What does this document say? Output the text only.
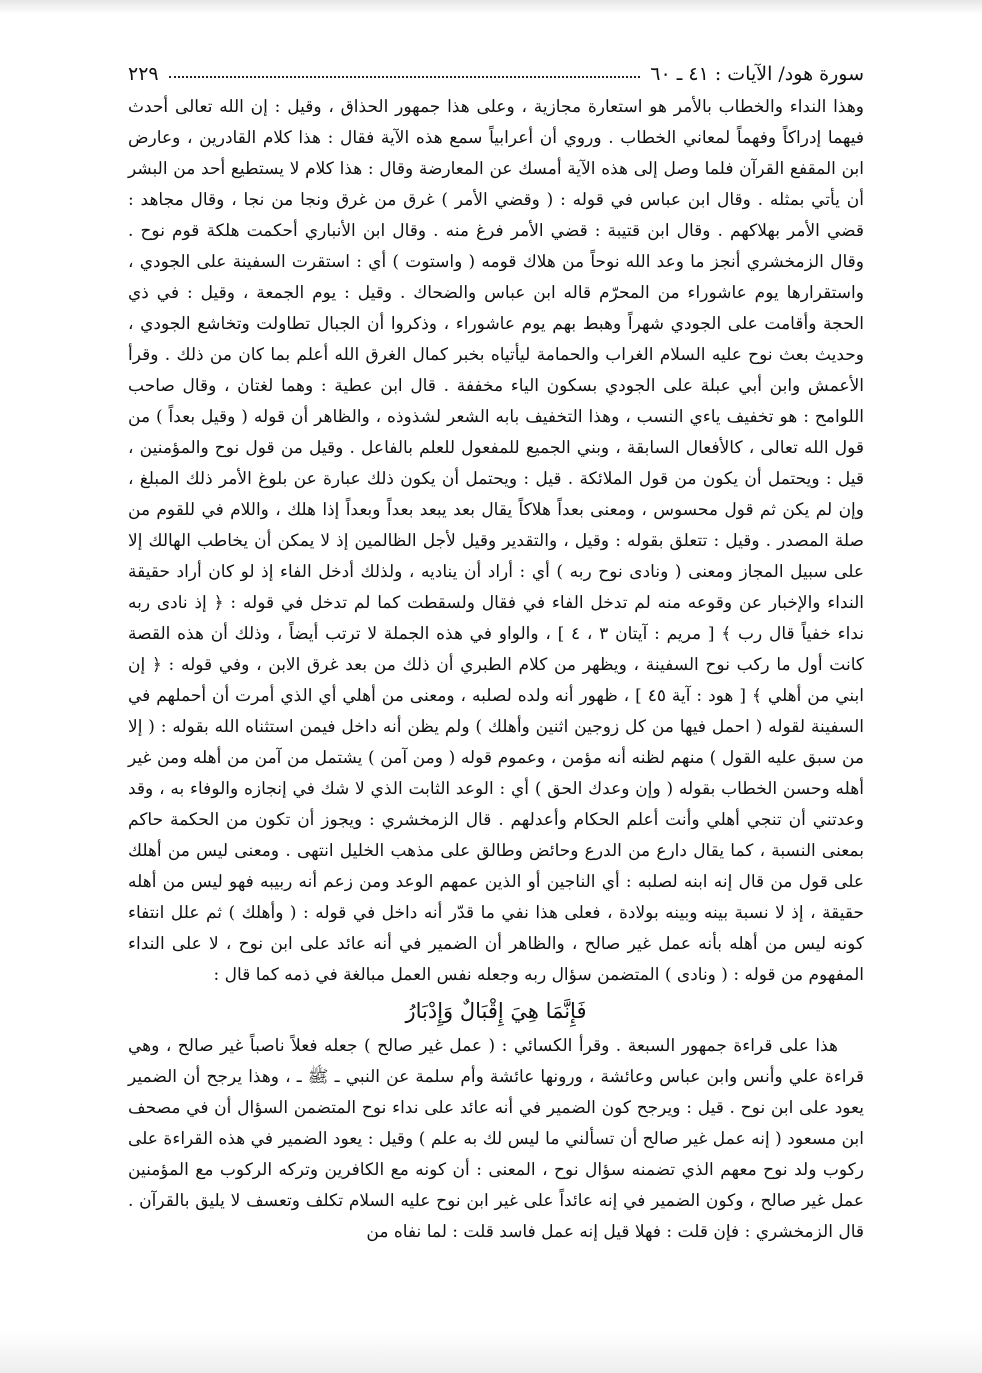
سورة هود/ الآيات : ٤١ ـ ٦٠
٢٢٩

وهذا النداء والخطاب بالأمر هو استعارة مجازية ، وعلى هذا جمهور الحذاق ، وقيل : إن الله تعالى أحدث فيهما إدراكاً وفهماً لمعاني الخطاب . وروي أن أعرابياً سمع هذه الآية فقال : هذا كلام القادرين ، وعارض ابن المقفع القرآن فلما وصل إلى هذه الآية أمسك عن المعارضة وقال : هذا كلام لا يستطيع أحد من البشر أن يأتي بمثله . وقال ابن عباس في قوله : ( وقضي الأمر ) غرق من غرق ونجا من نجا ، وقال مجاهد : قضي الأمر بهلاكهم . وقال ابن قتيبة : قضي الأمر فرغ منه . وقال ابن الأنباري أحكمت هلكة قوم نوح . وقال الزمخشري أنجز ما وعد الله نوحاً من هلاك قومه ( واستوت ) أي : استقرت السفينة على الجودي ، واستقرارها يوم عاشوراء من المحرّم قاله ابن عباس والضحاك . وقيل : يوم الجمعة ، وقيل : في ذي الحجة وأقامت على الجودي شهراً وهبط بهم يوم عاشوراء ، وذكروا أن الجبال تطاولت وتخاشع الجودي ، وحديث بعث نوح عليه السلام الغراب والحمامة ليأتياه بخبر كمال الغرق الله أعلم بما كان من ذلك . وقرأ الأعمش وابن أبي عبلة على الجودي بسكون الياء مخففة . قال ابن عطية : وهما لغتان ، وقال صاحب اللوامح : هو تخفيف ياءي النسب ، وهذا التخفيف بابه الشعر لشذوذه ، والظاهر أن قوله ( وقيل بعداً ) من قول الله تعالى ، كالأفعال السابقة ، وبني الجميع للمفعول للعلم بالفاعل . وقيل من قول نوح والمؤمنين ، قيل : ويحتمل أن يكون من قول الملائكة . قيل : ويحتمل أن يكون ذلك عبارة عن بلوغ الأمر ذلك المبلغ ، وإن لم يكن ثم قول محسوس ، ومعنى بعداً هلاكاً يقال بعد يبعد بعداً وبعداً إذا هلك ، واللام في للقوم من صلة المصدر . وقيل : تتعلق بقوله : وقيل ، والتقدير وقيل لأجل الظالمين إذ لا يمكن أن يخاطب الهالك إلا على سبيل المجاز ومعنى ( ونادى نوح ربه ) أي : أراد أن يناديه ، ولذلك أدخل الفاء إذ لو كان أراد حقيقة النداء والإخبار عن وقوعه منه لم تدخل الفاء في فقال ولسقطت كما لم تدخل في قوله : ﴿ إذ نادى ربه نداء خفياً قال رب ﴾ [ مريم : آيتان ٣ ، ٤ ] ، والواو في هذه الجملة لا ترتب أيضاً ، وذلك أن هذه القصة كانت أول ما ركب نوح السفينة ، ويظهر من كلام الطبري أن ذلك من بعد غرق الابن ، وفي قوله : ﴿ إن ابني من أهلي ﴾ [ هود : آية ٤٥ ] ، ظهور أنه ولده لصلبه ، ومعنى من أهلي أي الذي أمرت أن أحملهم في السفينة لقوله ( احمل فيها من كل زوجين اثنين وأهلك ) ولم يظن أنه داخل فيمن استثناه الله بقوله : ( إلا من سبق عليه القول ) منهم لظنه أنه مؤمن ، وعموم قوله ( ومن آمن ) يشتمل من آمن من أهله ومن غير أهله وحسن الخطاب بقوله ( وإن وعدك الحق ) أي : الوعد الثابت الذي لا شك في إنجازه والوفاء به ، وقد وعدتني أن تنجي أهلي وأنت أعلم الحكام وأعدلهم . قال الزمخشري : ويجوز أن تكون من الحكمة حاكم بمعنى النسبة ، كما يقال دارع من الدرع وحائض وطالق على مذهب الخليل انتهى . ومعنى ليس من أهلك على قول من قال إنه ابنه لصلبه : أي الناجين أو الذين عمهم الوعد ومن زعم أنه ربيبه فهو ليس من أهله حقيقة ، إذ لا نسبة بينه وبينه بولادة ، فعلى هذا نفي ما قدّر أنه داخل في قوله : ( وأهلك ) ثم علل انتفاء كونه ليس من أهله بأنه عمل غير صالح ، والظاهر أن الضمير في أنه عائد على ابن نوح ، لا على النداء المفهوم من قوله : ( ونادى ) المتضمن سؤال ربه وجعله نفس العمل مبالغة في ذمه كما قال :

فَإِنَّمَا هِيَ إِقْبَالٌ وَإِدْبَارُ

هذا على قراءة جمهور السبعة . وقرأ الكسائي : ( عمل غير صالح ) جعله فعلاً ناصباً غير صالح ، وهي قراءة علي وأنس وابن عباس وعائشة ، ورونها عائشة وأم سلمة عن النبي ـ ﷺ ـ ، وهذا يرجح أن الضمير يعود على ابن نوح . قيل : ويرجح كون الضمير في أنه عائد على نداء نوح المتضمن السؤال أن في مصحف ابن مسعود ( إنه عمل غير صالح أن تسألني ما ليس لك به علم ) وقيل : يعود الضمير في هذه القراءة على ركوب ولد نوح معهم الذي تضمنه سؤال نوح ، المعنى : أن كونه مع الكافرين وتركه الركوب مع المؤمنين عمل غير صالح ، وكون الضمير في إنه عائداً على غير ابن نوح عليه السلام تكلف وتعسف لا يليق بالقرآن . قال الزمخشري : فإن قلت : فهلا قيل إنه عمل فاسد قلت : لما نفاه من
